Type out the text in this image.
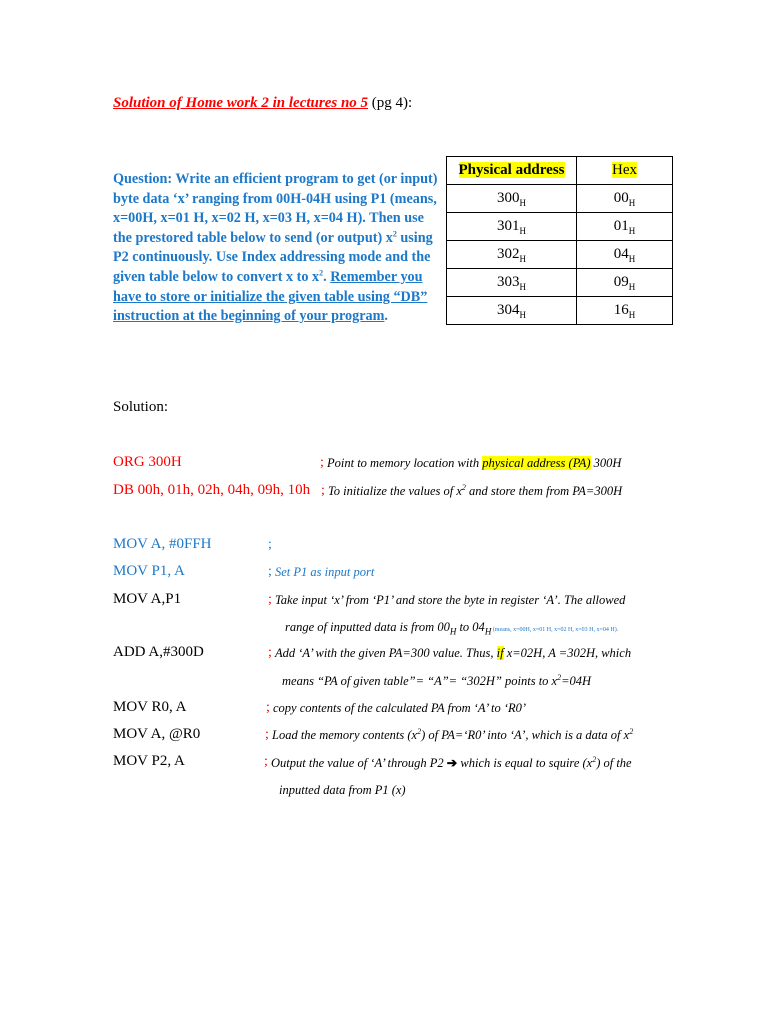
Solution of Home work 2 in lectures no 5 (pg 4):
Question: Write an efficient program to get (or input) byte data ‘x’ ranging from 00H-04H using P1 (means, x=00H, x=01 H, x=02 H, x=03 H, x=04 H). Then use the prestored table below to send (or output) $x^2$ using P2 continuously. Use Index addressing mode and the given table below to convert x to $x^2$. Remember you have to store or initialize the given table using “DB” instruction at the beginning of your program.
Physical address	Hex
$300_H$	$00_H$
$301_H$	$01_H$
$302_H$	$04_H$
$303_H$	$09_H$
$304_H$	$16_H$
Solution:
ORG 300H	; Point to memory location with physical address (PA) 300H
DB 00h, 01h, 02h, 04h, 09h, 10h ; To initialize the values of $x^2$ and store them from PA=300H
MOV A, #0FFH	;
MOV P1, A	; Set P1 as input port
MOV A,P1	; Take input ‘x’ from ‘P1’ and store the byte in register ‘A’. The allowed
range of inputted data is from $00_H$ to $04_H$ (means, x=00H, x=01 H, x=02 H, x=03 H, x=04 H).
ADD A,#300D	; Add ‘A’ with the given PA=300 value. Thus, if x=02H, A =302H, which
means “PA of given table”= “A”= “302H” points to $x^2=04H$
MOV R0, A	; copy contents of the calculated PA from ‘A’ to ‘R0’
MOV A, @R0	; Load the memory contents $(x^2)$ of PA=‘R0’ into ‘A’, which is a data of $x^2$
MOV P2, A	; Output the value of ‘A’ through P2 ➔ which is equal to squire $(x^2)$ of the
inputted data from P1 (x)
